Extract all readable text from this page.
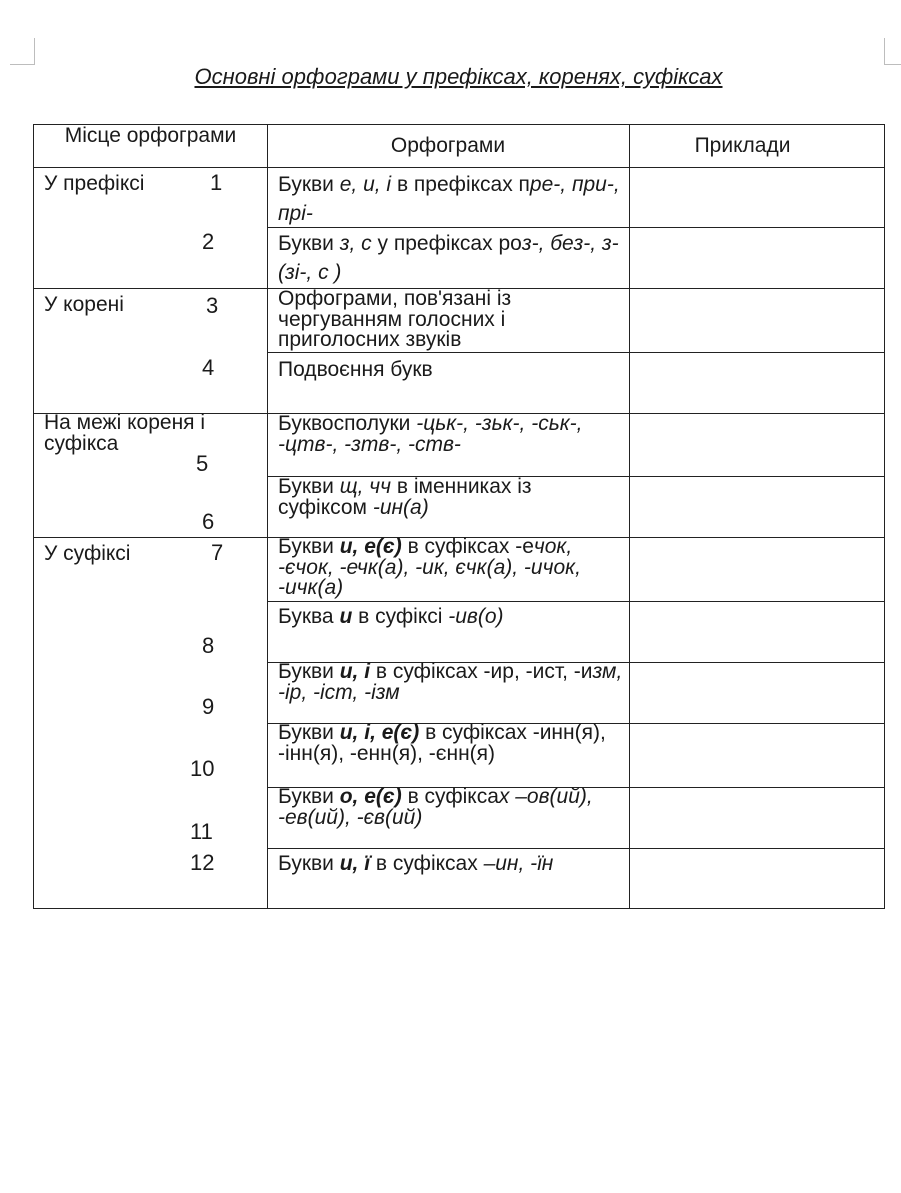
Основні орфограми у префіксах, коренях, суфіксах
Місце орфограми	Орфограми	Приклади
У префіксі
У корені
На межі кореня і суфікса
У суфіксі
1
2
3
4
5
6
7
8
9
10
11
12
Букви е, и, і в префіксах пре-, при-, прі-
Букви з, с у префіксах роз-, без-, з- (зі-, с )
Орфограми, пов'язані із чергуванням голосних і приголосних звуків
Подвоєння букв
Буквосполуки -цьк-, -зьк-, -ськ-, -цтв-, -зтв-, -ств-
Букви щ, чч в іменниках із суфіксом -ин(а)
Букви и, е(є) в суфіксах -ечок, -єчок, -ечк(а), -ик, єчк(а), -ичок, -ичк(а)
Буква и в суфіксі -ив(о)
Букви и, і в суфіксах -ир, -ист, -изм, -ір, -іст, -ізм
Букви и, і, е(є) в суфіксах -инн(я), -інн(я), -енн(я), -єнн(я)
Букви о, е(є) в суфіксах –ов(ий), -ев(ий), -єв(ий)
Букви и, ї в суфіксах –ин, -їн
